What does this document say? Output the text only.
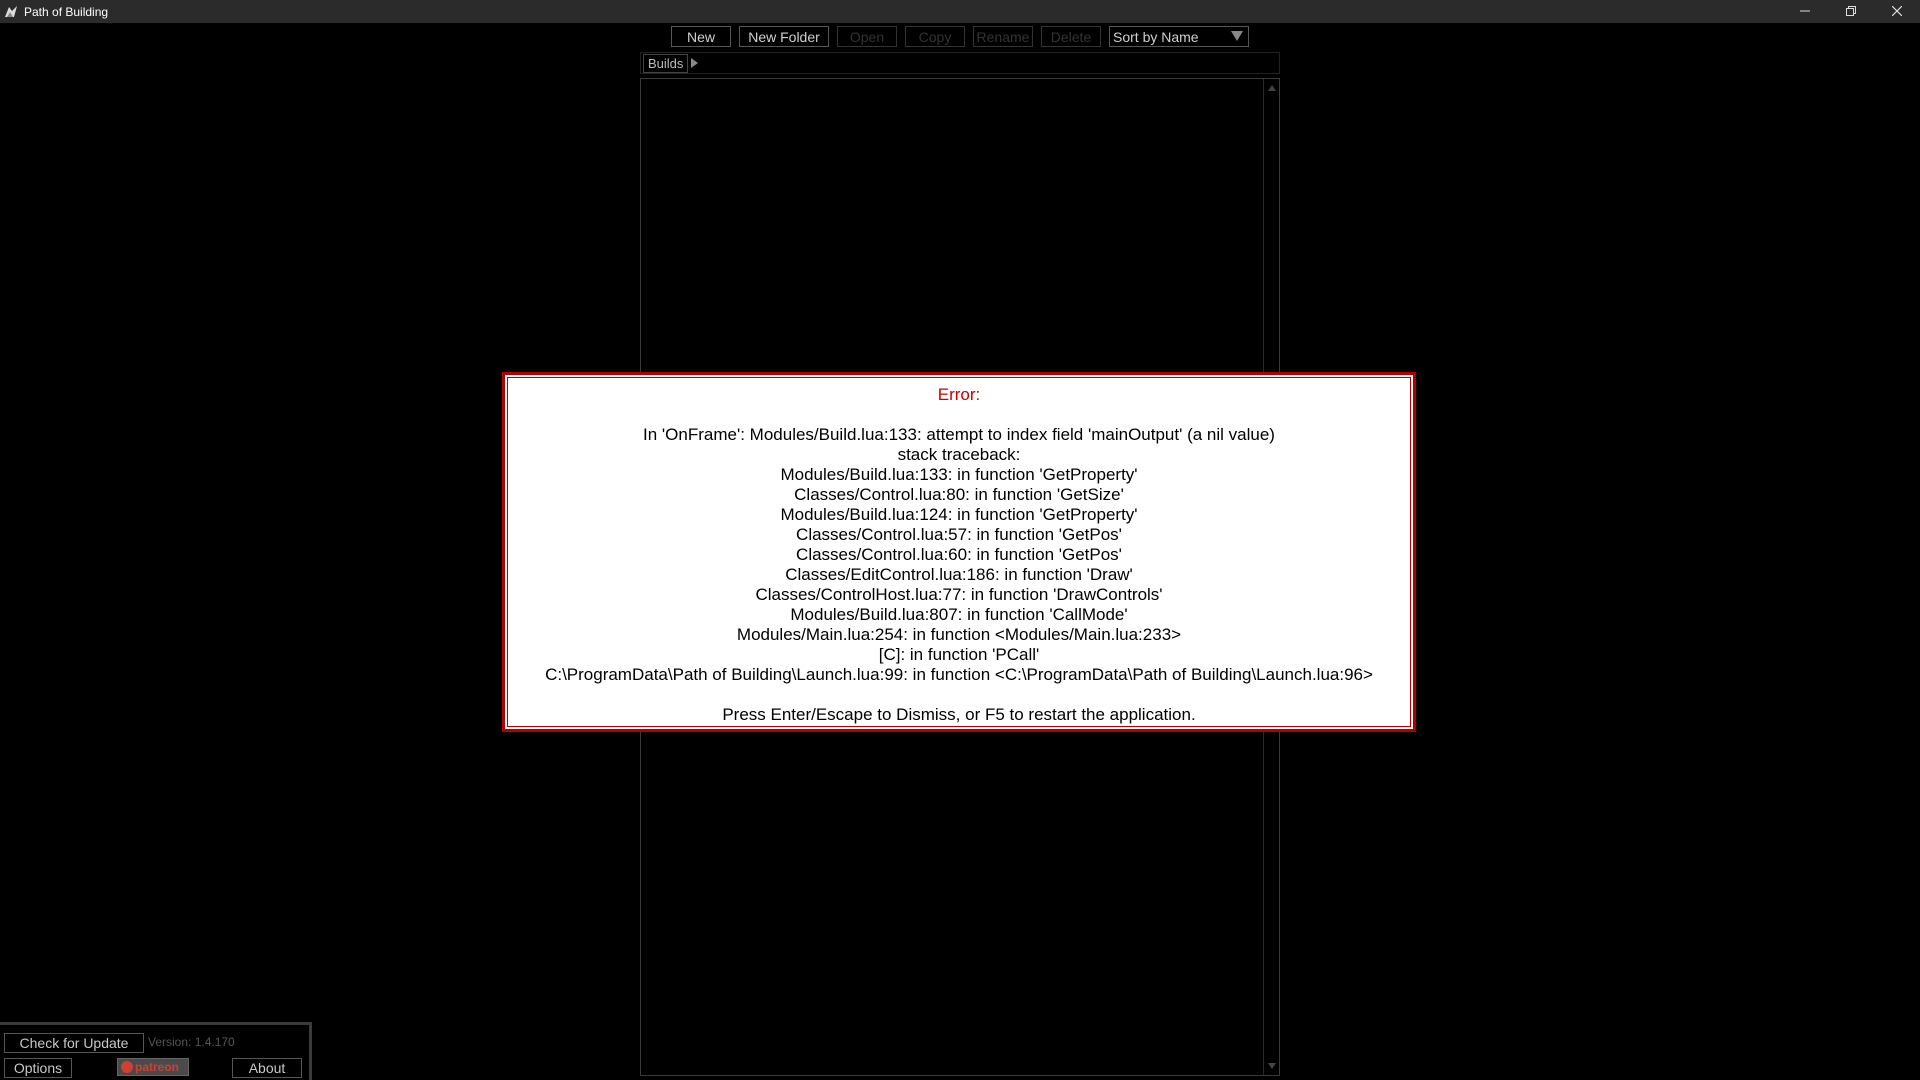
Path of Building
New	New Folder	Open	Copy	Rename	Delete	Sort by Name
Builds
Error:
In 'OnFrame': Modules/Build.lua:133: attempt to index field 'mainOutput' (a nil value)
stack traceback:
Modules/Build.lua:133: in function 'GetProperty'
Classes/Control.lua:80: in function 'GetSize'
Modules/Build.lua:124: in function 'GetProperty'
Classes/Control.lua:57: in function 'GetPos'
Classes/Control.lua:60: in function 'GetPos'
Classes/EditControl.lua:186: in function 'Draw'
Classes/ControlHost.lua:77: in function 'DrawControls'
Modules/Build.lua:807: in function 'CallMode'
Modules/Main.lua:254: in function <Modules/Main.lua:233>
[C]: in function 'PCall'
C:\ProgramData\Path of Building\Launch.lua:99: in function <C:\ProgramData\Path of Building\Launch.lua:96>
Press Enter/Escape to Dismiss, or F5 to restart the application.
Check for Update	Version: 1.4.170
Options	patreon	About
